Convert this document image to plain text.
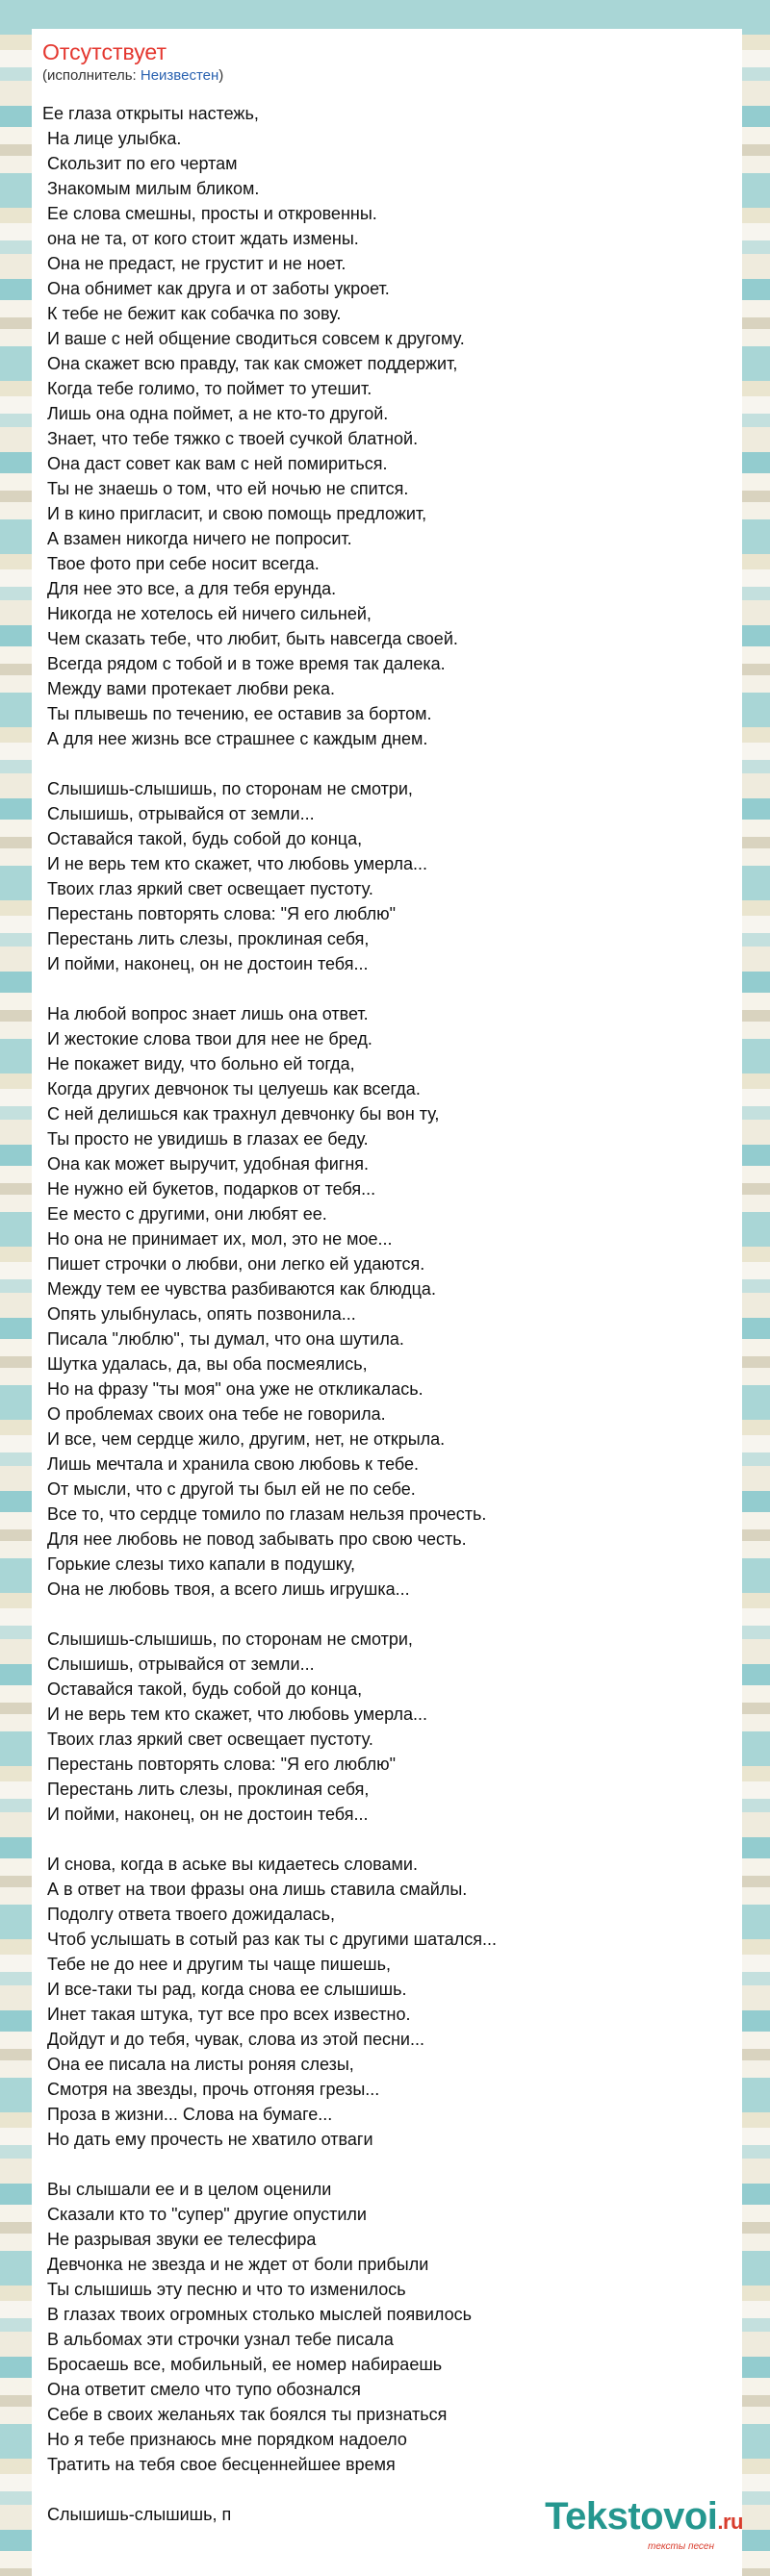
Отсутствует
(исполнитель: Неизвестен)
Ее глаза открыты настежь,
На лице улыбка.
Скользит по его чертам
Знакомым милым бликом.
Ее слова смешны, просты и откровенны.
она не та, от кого стоит ждать измены.
Она не предаст, не грустит и не ноет.
Она обнимет как друга и от заботы укроет.
К тебе не бежит как собачка по зову.
И ваше с ней общение сводиться совсем к другому.
Она скажет всю правду, так как сможет поддержит,
Когда тебе голимо, то поймет то утешит.
Лишь она одна поймет, а не кто-то другой.
Знает, что тебе тяжко с твоей сучкой блатной.
Она даст совет как вам с ней помириться.
Ты не знаешь о том, что ей ночью не спится.
И в кино пригласит, и свою помощь предложит,
А взамен никогда ничего не попросит.
Твое фото при себе носит всегда.
Для нее это все, а для тебя ерунда.
Никогда не хотелось ей ничего сильней,
Чем сказать тебе, что любит, быть навсегда своей.
Всегда рядом с тобой и в тоже время так далека.
Между вами протекает любви река.
Ты плывешь по течению, ее оставив за бортом.
А для нее жизнь все страшнее с каждым днем.
Слышишь-слышишь, по сторонам не смотри,
Слышишь, отрывайся от земли...
Оставайся такой, будь собой до конца,
И не верь тем кто скажет, что любовь умерла...
Твоих глаз яркий свет освещает пустоту.
Перестань повторять слова: "Я его люблю"
Перестань лить слезы, проклиная себя,
И пойми, наконец, он не достоин тебя...
На любой вопрос знает лишь она ответ.
И жестокие слова твои для нее не бред.
Не покажет виду, что больно ей тогда,
Когда других девчонок ты целуешь как всегда.
С ней делишься как трахнул девчонку бы вон ту,
Ты просто не увидишь в глазах ее беду.
Она как может выручит, удобная фигня.
Не нужно ей букетов, подарков от тебя...
Ее место с другими, они любят ее.
Но она не принимает их, мол, это не мое...
Пишет строчки о любви, они легко ей удаются.
Между тем ее чувства разбиваются как блюдца.
Опять улыбнулась, опять позвонила...
Писала "люблю", ты думал, что она шутила.
Шутка удалась, да, вы оба посмеялись,
Но на фразу "ты моя" она уже не откликалась.
О проблемах своих она тебе не говорила.
И все, чем сердце жило, другим, нет, не открыла.
Лишь мечтала и хранила свою любовь к тебе.
От мысли, что с другой ты был ей не по себе.
Все то, что сердце томило по глазам нельзя прочесть.
Для нее любовь не повод забывать про свою честь.
Горькие слезы тихо капали в подушку,
Она не любовь твоя, а всего лишь игрушка...
Слышишь-слышишь, по сторонам не смотри,
Слышишь, отрывайся от земли...
Оставайся такой, будь собой до конца,
И не верь тем кто скажет, что любовь умерла...
Твоих глаз яркий свет освещает пустоту.
Перестань повторять слова: "Я его люблю"
Перестань лить слезы, проклиная себя,
И пойми, наконец, он не достоин тебя...
И снова, когда в аське вы кидаетесь словами.
А в ответ на твои фразы она лишь ставила смайлы.
Подолгу ответа твоего дожидалась,
Чтоб услышать в сотый раз как ты с другими шатался...
Тебе не до нее и другим ты чаще пишешь,
И все-таки ты рад, когда снова ее слышишь.
Инет такая штука, тут все про всех известно.
Дойдут и до тебя, чувак, слова из этой песни...
Она ее писала на листы роняя слезы,
Смотря на звезды, прочь отгоняя грезы...
Проза в жизни... Слова на бумаге...
Но дать ему прочесть не хватило отваги
Вы слышали ее и в целом оценили
Сказали кто то "супер" другие опустили
Не разрывая звуки ее телесфира
Девчонка не звезда и не ждет от боли прибыли
Ты слышишь эту песню и что то изменилось
В глазах твоих огромных столько мыслей появилось
В альбомах эти строчки узнал тебе писала
Бросаешь все, мобильный, ее номер набираешь
Она ответит смело что тупо обознался
Себе в своих желаньях так боялся ты признаться
Но я тебе признаюсь мне порядком надоело
Тратить на тебя свое бесценнейшее время
Слышишь-слышишь, п	Tekstovoi.ru
тексты песен
